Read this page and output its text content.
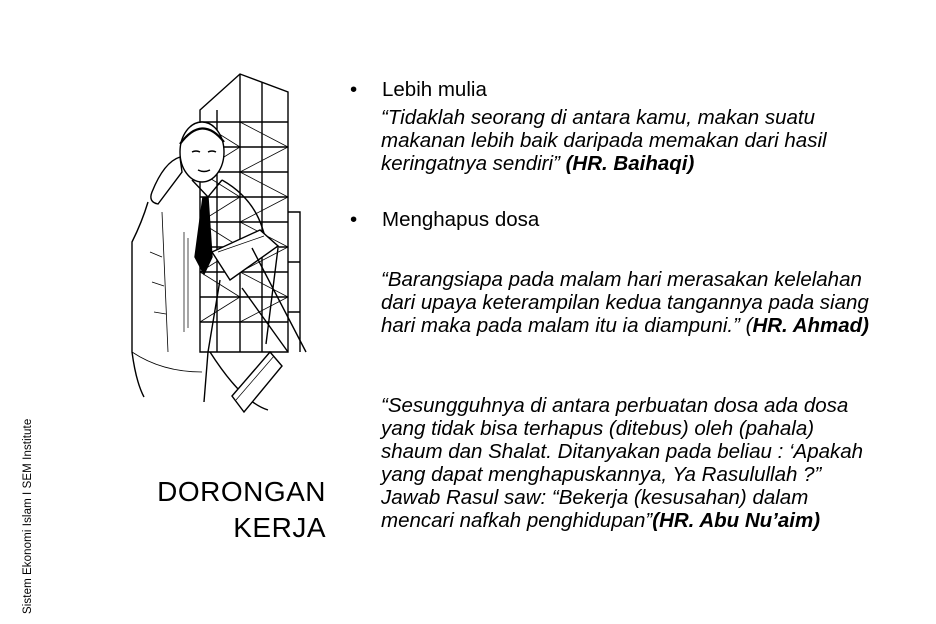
Sistem Ekonomi Islam I SEM Institute	DORONGAN
KERJA
• Lebih mulia
“Tidaklah seorang di antara kamu, makan suatu makanan lebih baik daripada memakan dari hasil keringatnya sendiri” (HR. Baihaqi)
• Menghapus dosa
“Barangsiapa pada malam hari merasakan kelelahan dari upaya keterampilan kedua tangannya pada siang hari maka pada malam itu ia diampuni.” (HR. Ahmad)
“Sesungguhnya di antara perbuatan dosa ada dosa yang tidak bisa terhapus (ditebus) oleh (pahala) shaum dan Shalat. Ditanyakan pada beliau : ‘Apakah yang dapat menghapuskannya, Ya Rasulullah ?” Jawab Rasul saw: “Bekerja (kesusahan) dalam mencari nafkah penghidupan”(HR. Abu Nu’aim)
